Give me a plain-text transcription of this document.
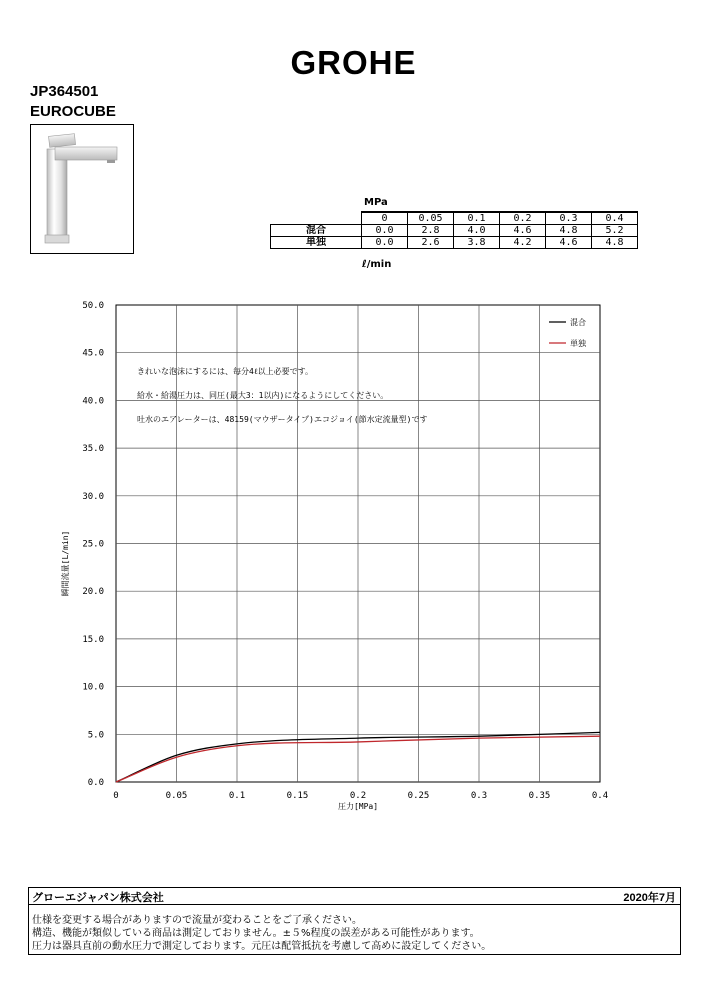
GROHE
JP364501
EUROCUBE
MPa
	0	0.05	0.1	0.2	0.3	0.4
混合	0.0	2.8	4.0	4.6	4.8	5.2
単独	0.0	2.6	3.8	4.2	4.6	4.8
ℓ/min
0	0.05	0.1	0.15	0.2	0.25	0.3	0.35	0.4
0.0
5.0
10.0
15.0
20.0
25.0
30.0
35.0
40.0
45.0
50.0
圧力[MPa]
瞬間流量[L/min]
混合
単独
きれいな泡沫にするには、毎分4ℓ以上必要です。
給水・給湯圧力は、同圧(最大3：1以内)になるようにしてください。
吐水のエアレーターは、48159(マウザータイプ)エコジョイ(節水定流量型)です
グローエジャパン株式会社	2020年7月
仕様を変更する場合がありますので流量が変わることをご了承ください。
構造、機能が類似している商品は測定しておりません。±５%程度の誤差がある可能性があります。
圧力は器具直前の動水圧力で測定しております。元圧は配管抵抗を考慮して高めに設定してください。
